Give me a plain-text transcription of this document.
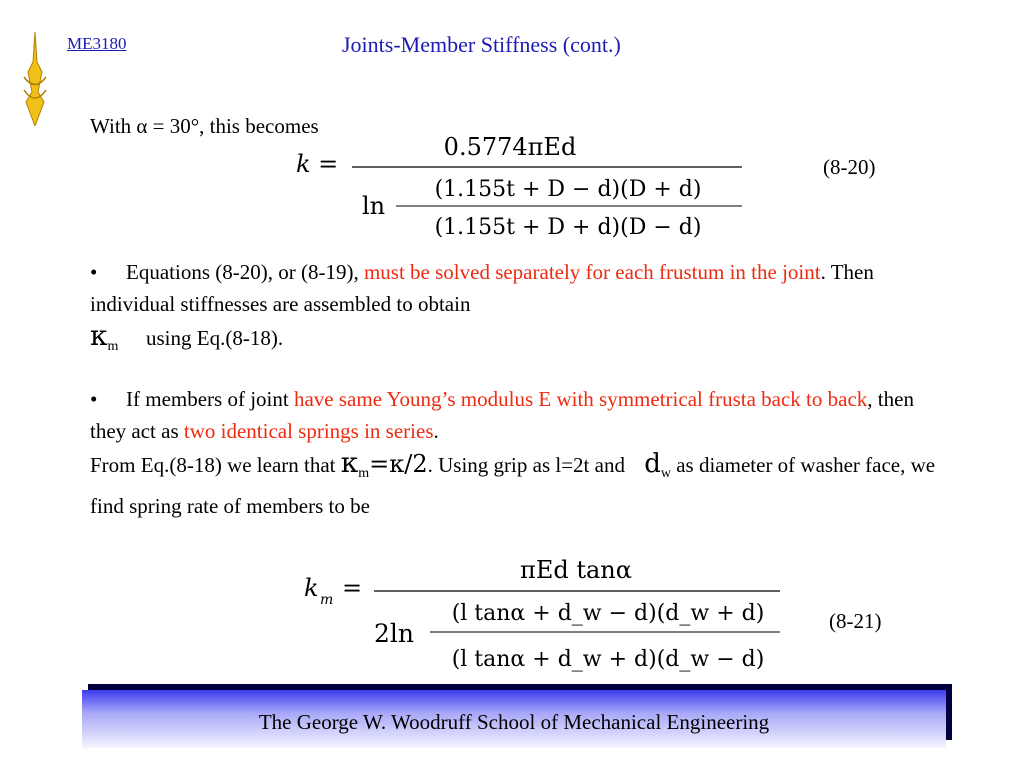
ME3180	Joints-Member Stiffness (cont.)
With α = 30°, this becomes
k =
0.5774πEd
ln
(1.155t + D − d)(D + d)
(1.155t + D + d)(D − d)
(8-20)
• Equations (8-20), or (8-19), must be solved separately for each frustum in the joint. Then individual stiffnesses are assembled to obtain
$\kappa_m$ using Eq.(8-18).
• If members of joint have same Young’s modulus E with symmetrical frusta back to back, then they act as two identical springs in series.
From Eq.(8-18) we learn that $\kappa_m=\kappa/2$. Using grip as l=2t and $d_w$ as diameter of washer face, we find spring rate of members to be
k m =
πEd tanα
2ln
(l tanα + d_w − d)(d_w + d)
(l tanα + d_w + d)(d_w − d)
(8-21)
The George W. Woodruff School of Mechanical Engineering
